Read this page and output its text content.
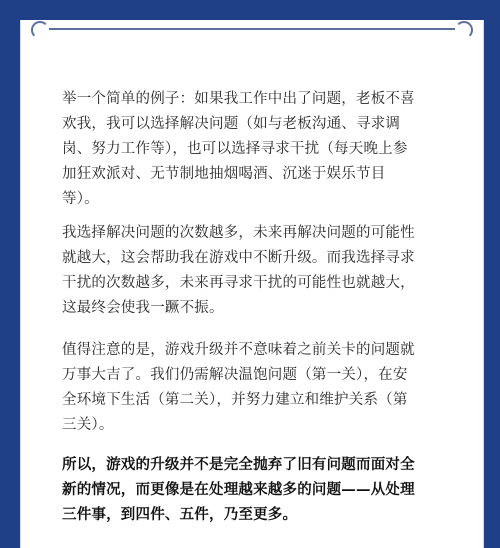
举一个简单的例子：如果我工作中出了问题，老板不喜欢我，我可以选择解决问题（如与老板沟通、寻求调岗、努力工作等），也可以选择寻求干扰（每天晚上参加狂欢派对、无节制地抽烟喝酒、沉迷于娱乐节目等）。
我选择解决问题的次数越多，未来再解决问题的可能性就越大，这会帮助我在游戏中不断升级。而我选择寻求干扰的次数越多，未来再寻求干扰的可能性也就越大，这最终会使我一蹶不振。
值得注意的是，游戏升级并不意味着之前关卡的问题就万事大吉了。我们仍需解决温饱问题（第一关），在安全环境下生活（第二关），并努力建立和维护关系（第三关）。
所以，游戏的升级并不是完全抛弃了旧有问题而面对全新的情况，而更像是在处理越来越多的问题——从处理三件事，到四件、五件，乃至更多。
